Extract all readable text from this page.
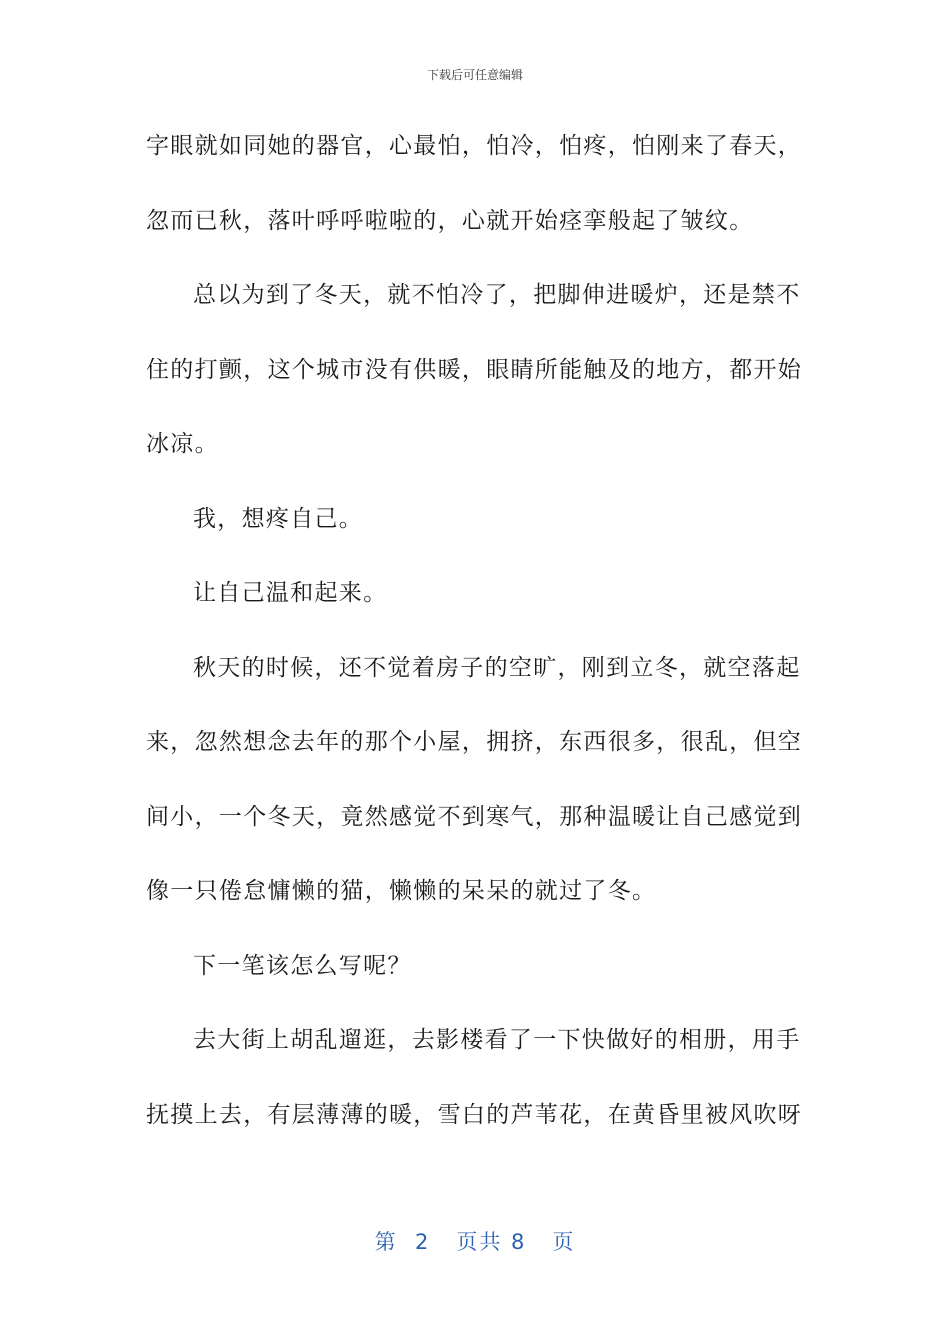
下载后可任意编辑
字眼就如同她的器官，心最怕，怕冷，怕疼，怕刚来了春天，
忽而已秋，落叶呼呼啦啦的，心就开始痉挛般起了皱纹。
总以为到了冬天，就不怕冷了，把脚伸进暖炉，还是禁不
住的打颤，这个城市没有供暖，眼睛所能触及的地方，都开始
冰凉。
我，想疼自己。
让自己温和起来。
秋天的时候，还不觉着房子的空旷，刚到立冬，就空落起
来，忽然想念去年的那个小屋，拥挤，东西很多，很乱，但空
间小，一个冬天，竟然感觉不到寒气，那种温暖让自己感觉到
像一只倦怠慵懒的猫，懒懒的呆呆的就过了冬。
下一笔该怎么写呢？
去大街上胡乱遛逛，去影楼看了一下快做好的相册，用手
抚摸上去，有层薄薄的暖，雪白的芦苇花，在黄昏里被风吹呀
第  2   页共 8   页
